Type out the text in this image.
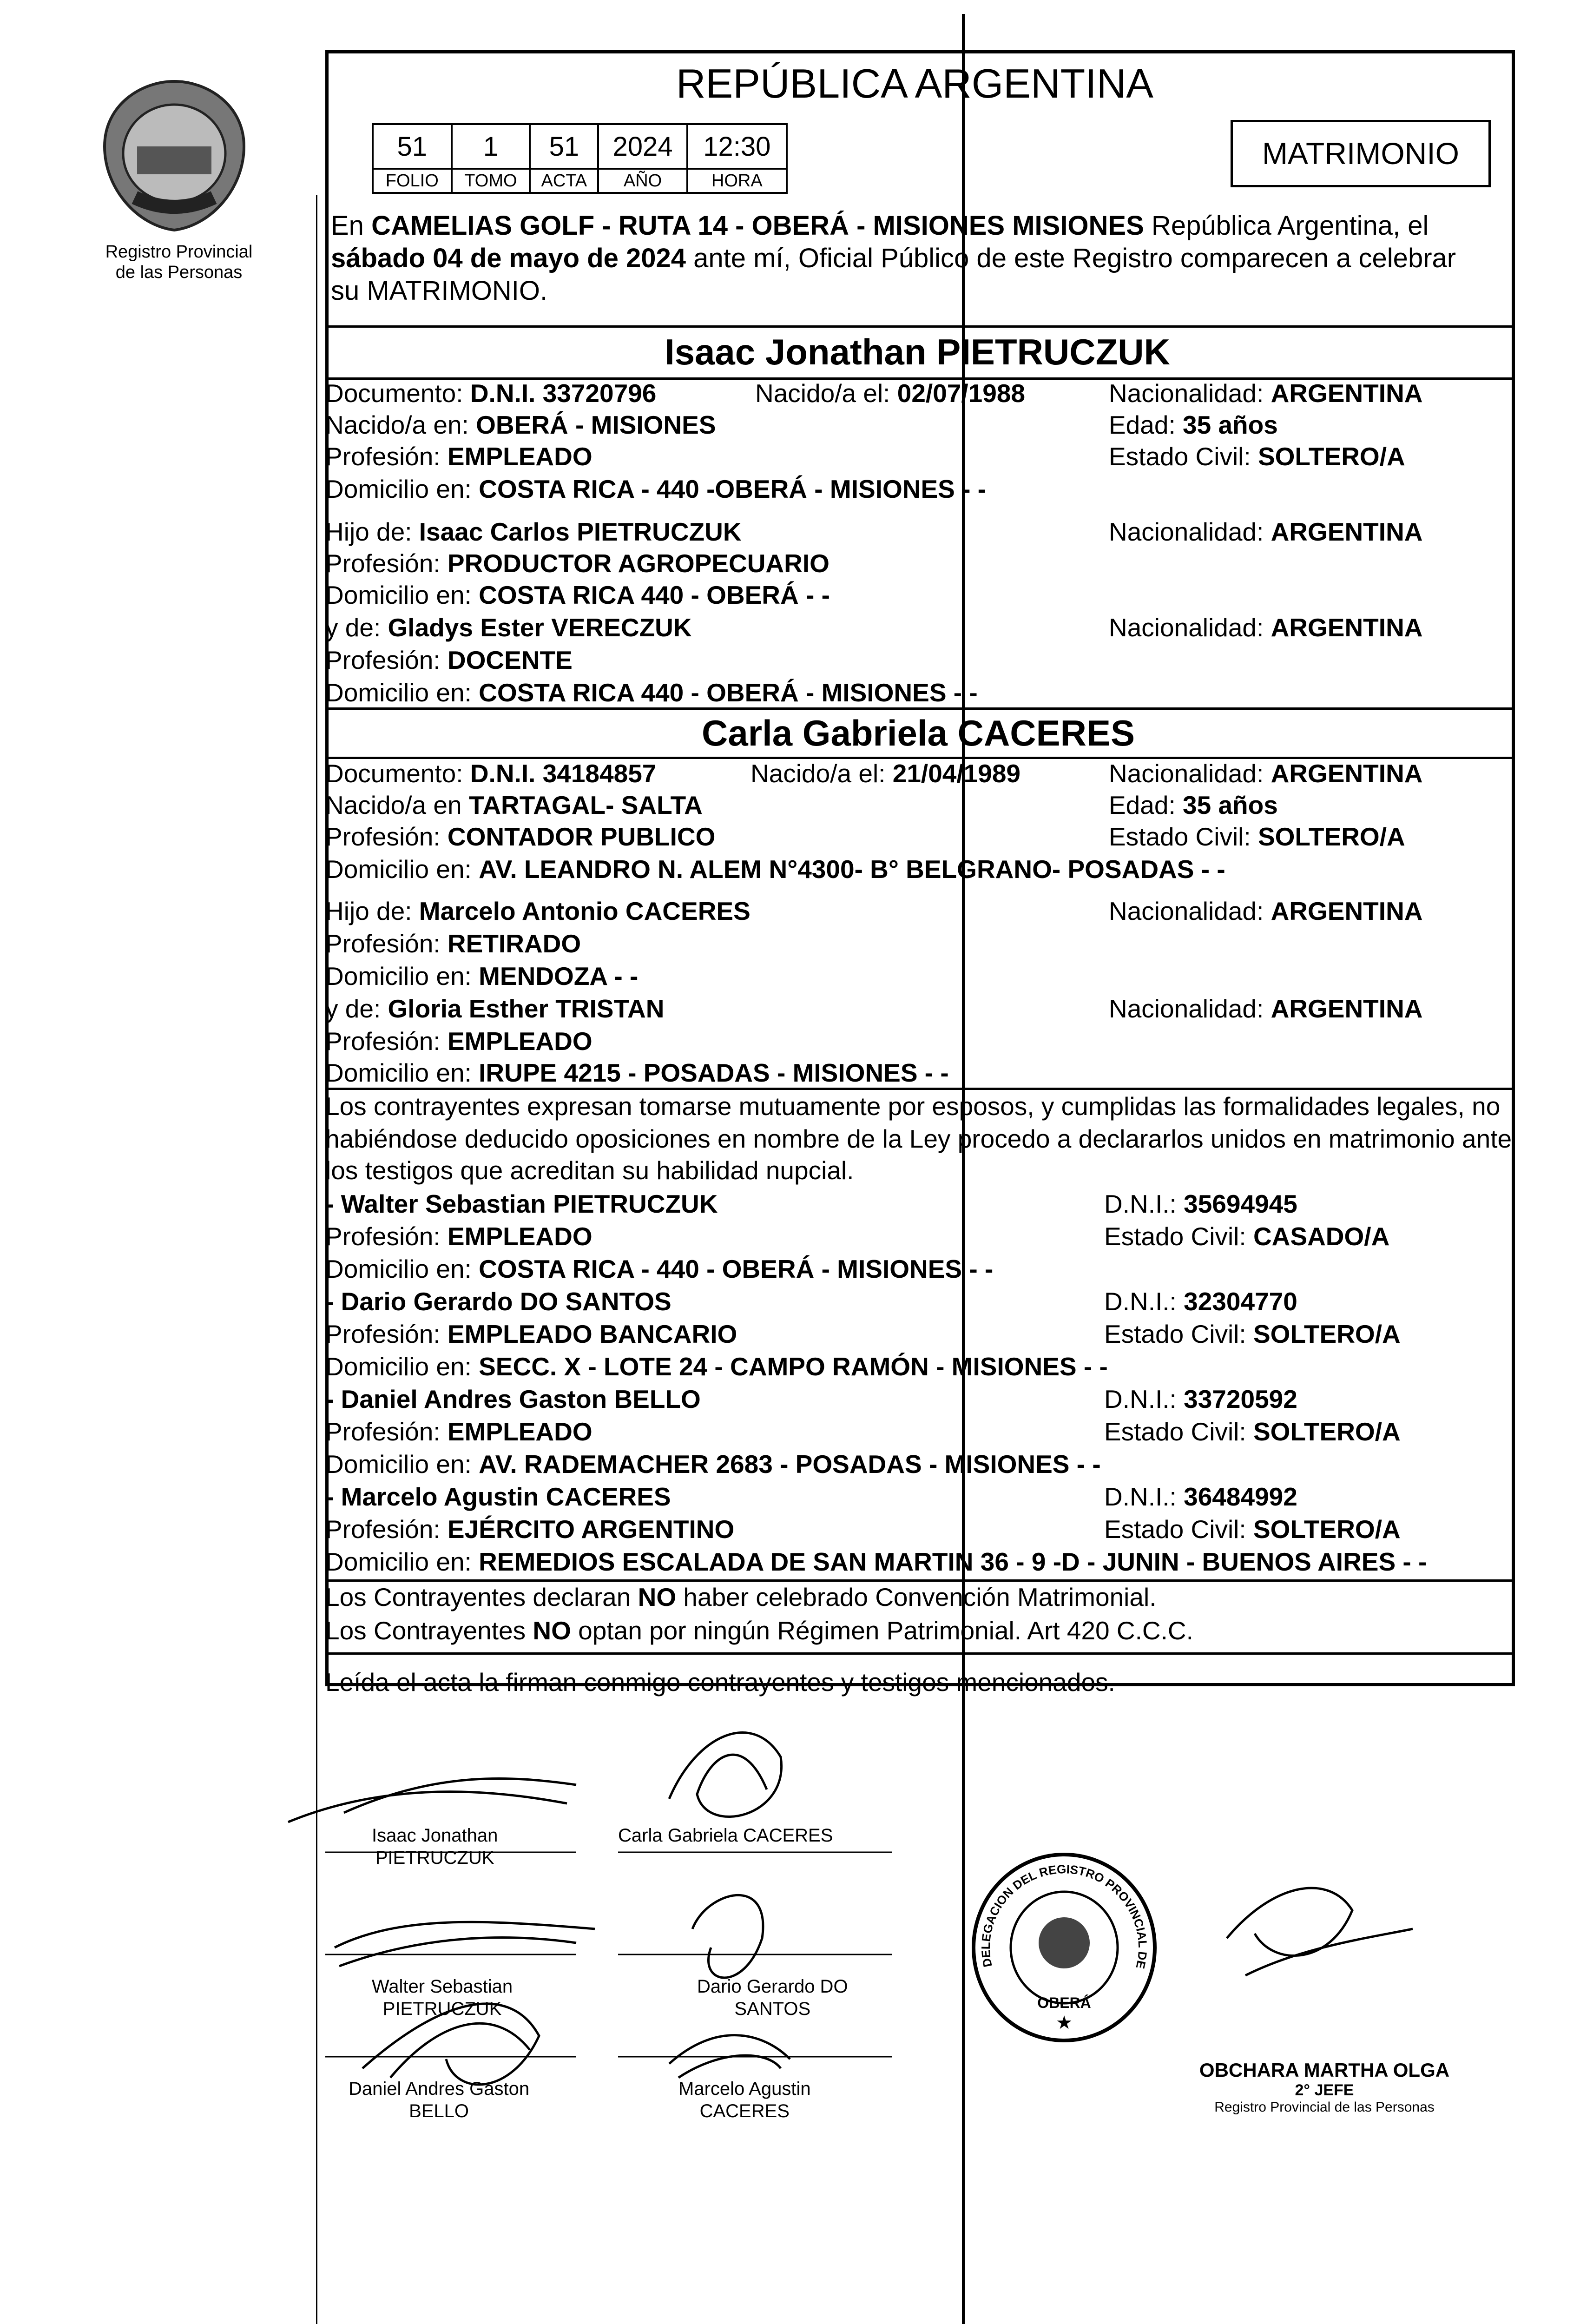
Registro Provincial
de las Personas
REPÚBLICA ARGENTINA
51	1	51	2024	12:30
FOLIO	TOMO	ACTA	AÑO	HORA
MATRIMONIO
En CAMELIAS GOLF - RUTA 14 - OBERÁ - MISIONES MISIONES República Argentina, el
sábado 04 de mayo de 2024 ante mí, Oficial Público de este Registro comparecen a celebrar
su MATRIMONIO.
Isaac Jonathan PIETRUCZUK
Documento: D.N.I. 33720796	Nacido/a el: 02/07/1988	Nacionalidad: ARGENTINA
Nacido/a en: OBERÁ - MISIONES	Edad: 35 años
Profesión: EMPLEADO	Estado Civil: SOLTERO/A
Domicilio en: COSTA RICA - 440 -OBERÁ - MISIONES - -
Hijo de: Isaac Carlos PIETRUCZUK	Nacionalidad: ARGENTINA
Profesión: PRODUCTOR AGROPECUARIO
Domicilio en: COSTA RICA 440 - OBERÁ - -
y de: Gladys Ester VERECZUK	Nacionalidad: ARGENTINA
Profesión: DOCENTE
Domicilio en: COSTA RICA 440 - OBERÁ - MISIONES - -
Carla Gabriela CACERES
Documento: D.N.I. 34184857	Nacido/a el: 21/04/1989	Nacionalidad: ARGENTINA
Nacido/a en TARTAGAL- SALTA	Edad: 35 años
Profesión: CONTADOR PUBLICO	Estado Civil: SOLTERO/A
Domicilio en: AV. LEANDRO N. ALEM N°4300- B° BELGRANO- POSADAS - -
Hijo de: Marcelo Antonio CACERES	Nacionalidad: ARGENTINA
Profesión: RETIRADO
Domicilio en: MENDOZA - -
y de: Gloria Esther TRISTAN	Nacionalidad: ARGENTINA
Profesión: EMPLEADO
Domicilio en: IRUPE 4215 - POSADAS - MISIONES - -
Los contrayentes expresan tomarse mutuamente por esposos, y cumplidas las formalidades legales, no
habiéndose deducido oposiciones en nombre de la Ley procedo a declararlos unidos en matrimonio ante
los testigos que acreditan su habilidad nupcial.
- Walter Sebastian PIETRUCZUK	D.N.I.: 35694945
Profesión: EMPLEADO	Estado Civil: CASADO/A
Domicilio en: COSTA RICA - 440 - OBERÁ - MISIONES - -
- Dario Gerardo DO SANTOS	D.N.I.: 32304770
Profesión: EMPLEADO BANCARIO	Estado Civil: SOLTERO/A
Domicilio en: SECC. X - LOTE 24 - CAMPO RAMÓN - MISIONES - -
- Daniel Andres Gaston BELLO	D.N.I.: 33720592
Profesión: EMPLEADO	Estado Civil: SOLTERO/A
Domicilio en: AV. RADEMACHER 2683 - POSADAS - MISIONES - -
- Marcelo Agustin CACERES	D.N.I.: 36484992
Profesión: EJÉRCITO ARGENTINO	Estado Civil: SOLTERO/A
Domicilio en: REMEDIOS ESCALADA DE SAN MARTIN 36 - 9 -D - JUNIN - BUENOS AIRES - -
Los Contrayentes declaran NO haber celebrado Convención Matrimonial.
Los Contrayentes NO optan por ningún Régimen Patrimonial. Art 420 C.C.C.
Leída el acta la firman conmigo contrayentes y testigos mencionados.
Isaac Jonathan
PIETRUCZUK
Carla Gabriela CACERES
Walter Sebastian
PIETRUCZUK
Dario Gerardo DO
SANTOS
Daniel Andres Gaston
BELLO
Marcelo Agustin
CACERES
OBERÁ
★
DELEGACION DEL REGISTRO PROVINCIAL DE
OBCHARA MARTHA OLGA
2° JEFE
Registro Provincial de las Personas
